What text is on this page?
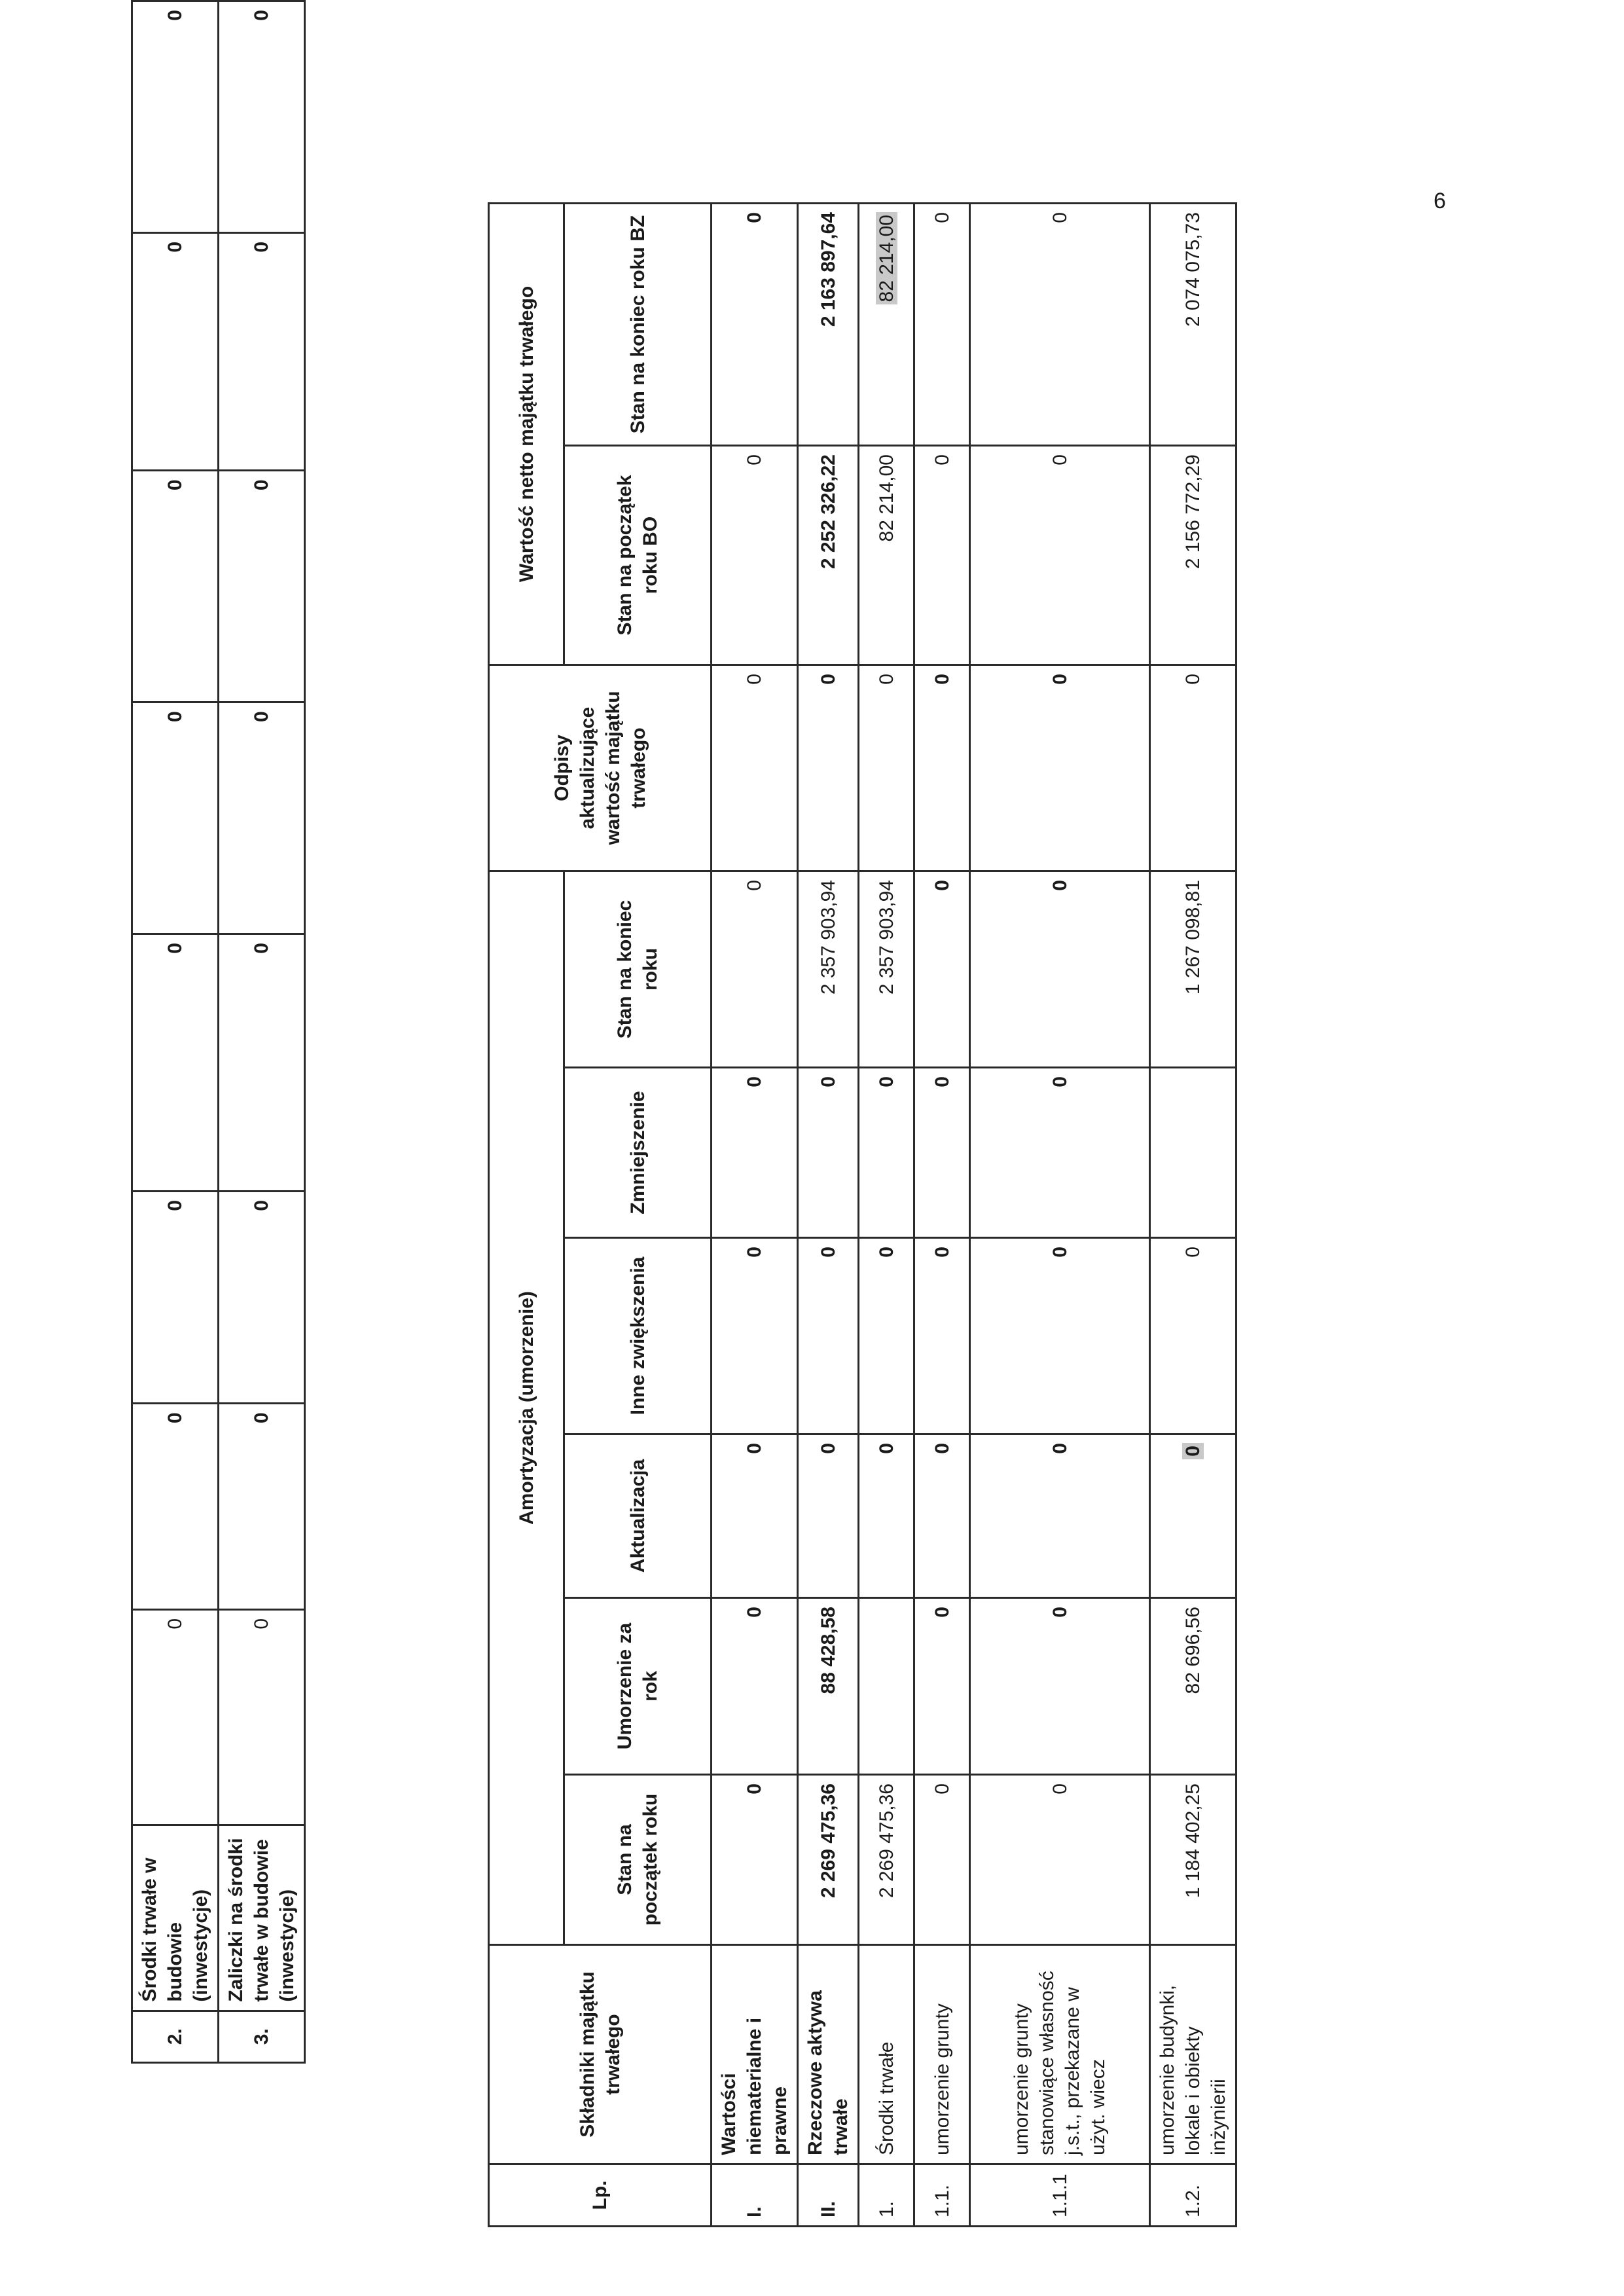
2.	Środki trwałe w budowie (inwestycje)	0	0	0	0	0	0	0	0
3.	Zaliczki na środki trwałe w budowie (inwestycje)	0	0	0	0	0	0	0	0
Lp.	Składniki majątku trwałego	Amortyzacja (umorzenie)						Odpisy aktualizujące wartość majątku trwałego	Wartość netto majątku trwałego	
		Stan na początek roku	Umorzenie za rok	Aktualizacja	Inne zwiększenia	Zmniejszenie	Stan na koniec roku		Stan na początek roku BO	Stan na koniec roku BZ
I.	Wartości niematerialne i prawne	0	0	0	0	0	0	0	0	0
II.	Rzeczowe aktywa trwałe	2 269 475,36	88 428,58	0	0	0	2 357 903,94	0	2 252 326,22	2 163 897,64
1.	Środki trwałe	2 269 475,36		0	0	0	2 357 903,94	0	82 214,00	82 214,00
1.1.	umorzenie grunty	0	0	0	0	0	0	0	0	0
1.1.1	umorzenie grunty stanowiące własność j.s.t., przekazane w użyt. wiecz	0	0	0	0	0	0	0	0	0
1.2.	umorzenie budynki, lokale i obiekty inżynierii	1 184 402,25	82 696,56	0	0		1 267 098,81	0	2 156 772,29	2 074 075,73
6
